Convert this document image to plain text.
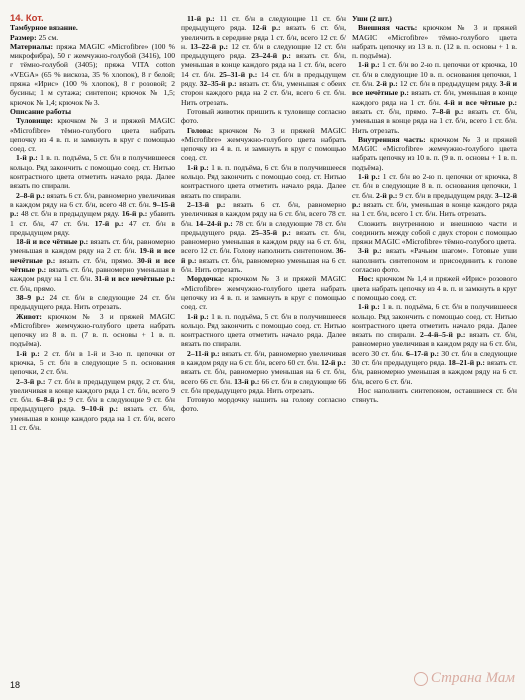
14. Кот.

Тамбурное вязание.

Размер: 25 см.

Материалы: пряжа MAGIC «Microfibre» (100 % микрофибра), 50 г жемчужно-голубой (3416), 100 г тёмно-голубой (3405); пряжа VITA cotton «VEGA» (65 % вискоза, 35 % хлопок), 8 г белой; пряжа «Ирис» (100 % хлопок), 8 г розовой; 2 бусины; 1 м сутажа; синтепон; крючок № 1,5; крючок № 1,4; крючок № 3.

Описание работы

Туловище: крючком № 3 и пряжей MAGIC «Microfibre» тёмно-голубого цвета набрать цепочку из 4 в. п. и замкнуть в круг с помощью соед. ст.

1-й р.: 1 в. п. подъёма, 5 ст. б/н в получившееся кольцо. Ряд закончить с помощью соед. ст. Нитью контрастного цвета отметить начало ряда. Далее вязать по спирали.

2–8-й р.: вязать 6 ст. б/н, равномерно увеличивая в каждом ряду на 6 ст. б/н, всего 48 ст. б/н. 9–15-й р.: 48 ст. б/н в предыдущем ряду. 16-й р.: убавить 1 ст. б/н, 47 ст. б/н. 17-й р.: 47 ст. б/н в предыдущем ряду.

18-й и все чётные р.: вязать ст. б/н, равномерно уменьшая в каждом ряду на 2 ст. б/н. 19-й и все нечётные р.: вязать ст. б/н, прямо. 30-й и все чётные р.: вязать ст. б/н, равномерно уменьшая в каждом ряду на 1 ст. б/н. 31-й и все нечётные р.: ст. б/н, прямо.

38–9 р.: 24 ст. б/н в следующие 24 ст. б/н предыдущего ряда. Нить отрезать.

Живот: крючком № 3 и пряжей MAGIC «Microfibre» жемчужно-голубого цвета набрать цепочку из 8 в. п. (7 в. п. основы + 1 в. п. подъёма).

1-й р.: 2 ст. б/н в 1-й и 3-ю п. цепочки от крючка, 5 ст. б/н в следующие 5 п. основания цепочки, 2 ст. б/н.

2–3-й р.: 7 ст. б/н в предыдущем ряду, 2 ст. б/н, увеличивая в конце каждого ряда 1 ст. б/н, всего 9 ст. б/н. 6–8-й р.: 9 ст. б/н в следующие 9 ст. б/н предыдущего ряда. 9–10-й р.: вязать ст. б/н, уменьшая в конце каждого ряда на 1 ст. б/н, всего 11 ст. б/н.

11-й р.: 11 ст. б/н в следующие 11 ст. б/н предыдущего ряда. 12-й р.: вязать 6 ст. б/н, увеличить в середине ряда 1 ст. б/н, всего 12 ст. б/н. 13–22-й р.: 12 ст. б/н в следующие 12 ст. б/н предыдущего ряда. 23–24-й р.: вязать ст. б/н, уменьшая в конце каждого ряда на 1 ст. б/н, всего 14 ст. б/н. 25–31-й р.: 14 ст. б/н в предыдущем ряду. 32–35-й р.: вязать ст. б/н, уменьшая с обеих сторон каждого ряда на 2 ст. б/н, всего 6 ст. б/н. Нить отрезать.

Готовый животик пришить к туловище согласно фото.

Голова: крючком № 3 и пряжей MAGIC «Microfibre» жемчужно-голубого цвета набрать цепочку из 4 в. п. и замкнуть в круг с помощью соед. ст.

1-й р.: 1 в. п. подъёма, 6 ст. б/н в получившееся кольцо. Ряд закончить с помощью соед. ст. Нитью контрастного цвета отметить начало ряда. Далее вязать по спирали.

2–13-й р.: вязать 6 ст. б/н, равномерно увеличивая в каждом ряду на 6 ст. б/н, всего 78 ст. б/н. 14–24-й р.: 78 ст. б/н в следующие 78 ст. б/н предыдущего ряда. 25–35-й р.: вязать ст. б/н, равномерно уменьшая в каждом ряду на 6 ст. б/н, всего 12 ст. б/н. Голову наполнить синтепоном. 36-й р.: вязать ст. б/н, равномерно уменьшая на 6 ст. б/н. Нить отрезать.

Мордочка: крючком № 3 и пряжей MAGIC «Microfibre» жемчужно-голубого цвета набрать цепочку из 4 в. п. и замкнуть в круг с помощью соед. ст.

1-й р.: 1 в. п. подъёма, 5 ст. б/н в получившееся кольцо. Ряд закончить с помощью соед. ст. Нитью контрастного цвета отметить начало ряда. Далее вязать по спирали.

2–11-й р.: вязать ст. б/н, равномерно увеличивая в каждом ряду на 6 ст. б/н, всего 60 ст. б/н. 12-й р.: вязать ст. б/н, равномерно уменьшая на 6 ст. б/н, всего 66 ст. б/н. 13-й р.: 66 ст. б/н в следующие 66 ст. б/н предыдущего ряда. Нить отрезать.

Готовую мордочку нашить на голову согласно фото.

Уши (2 шт.)

Внешняя часть: крючком № 3 и пряжей MAGIC «Microfibre» тёмно-голубого цвета набрать цепочку из 13 в. п. (12 в. п. основы + 1 в. п. подъёма).

1-й р.: 1 ст. б/н во 2-ю п. цепочки от крючка, 10 ст. б/н в следующие 10 в. п. основания цепочки, 1 ст. б/н. 2-й р.: 12 ст. б/н в предыдущем ряду. 3-й и все нечётные р.: вязать ст. б/н, уменьшая в конце каждого ряда на 1 ст. б/н. 4-й и все чётные р.: вязать ст. б/н, прямо. 7–8-й р.: вязать ст. б/н, уменьшая в конце ряда на 1 ст. б/н, всего 1 ст. б/н. Нить отрезать.

Внутренняя часть: крючком № 3 и пряжей MAGIC «Microfibre» жемчужно-голубого цвета набрать цепочку из 10 в. п. (9 в. п. основы + 1 в. п. подъёма).

1-й р.: 1 ст. б/н во 2-ю п. цепочки от крючка, 8 ст. б/н в следующие 8 в. п. основания цепочки, 1 ст. б/н. 2-й р.: 9 ст. б/н в предыдущем ряду. 3–12-й р.: вязать ст. б/н, уменьшая в конце каждого ряда на 1 ст. б/н, всего 1 ст. б/н. Нить отрезать.

Сложить внутреннюю и внешнюю части и соединить между собой с двух сторон с помощью пряжи MAGIC «Microfibre» тёмно-голубого цвета.

3-й р.: вязать «Рачьим шагом». Готовые уши наполнить синтепоном и присоединить к голове согласно фото.

Нос: крючком № 1,4 и пряжей «Ирис» розового цвета набрать цепочку из 4 в. п. и замкнуть в круг с помощью соед. ст.

1-й р.: 1 в. п. подъёма, 6 ст. б/н в получившееся кольцо. Ряд закончить с помощью соед. ст. Нитью контрастного цвета отметить начало ряда. Далее вязать по спирали. 2–4-й–5-й р.: вязать ст. б/н, равномерно увеличивая в каждом ряду на 6 ст. б/н, всего 30 ст. б/н. 6–17-й р.: 30 ст. б/н в следующие 30 ст. б/н предыдущего ряда. 18–21-й р.: вязать ст. б/н, равномерно уменьшая в каждом ряду на 6 ст. б/н, всего 6 ст. б/н.

Нос наполнить синтепоном, оставшиеся ст. б/н стянуть.

18	Страна Мам
